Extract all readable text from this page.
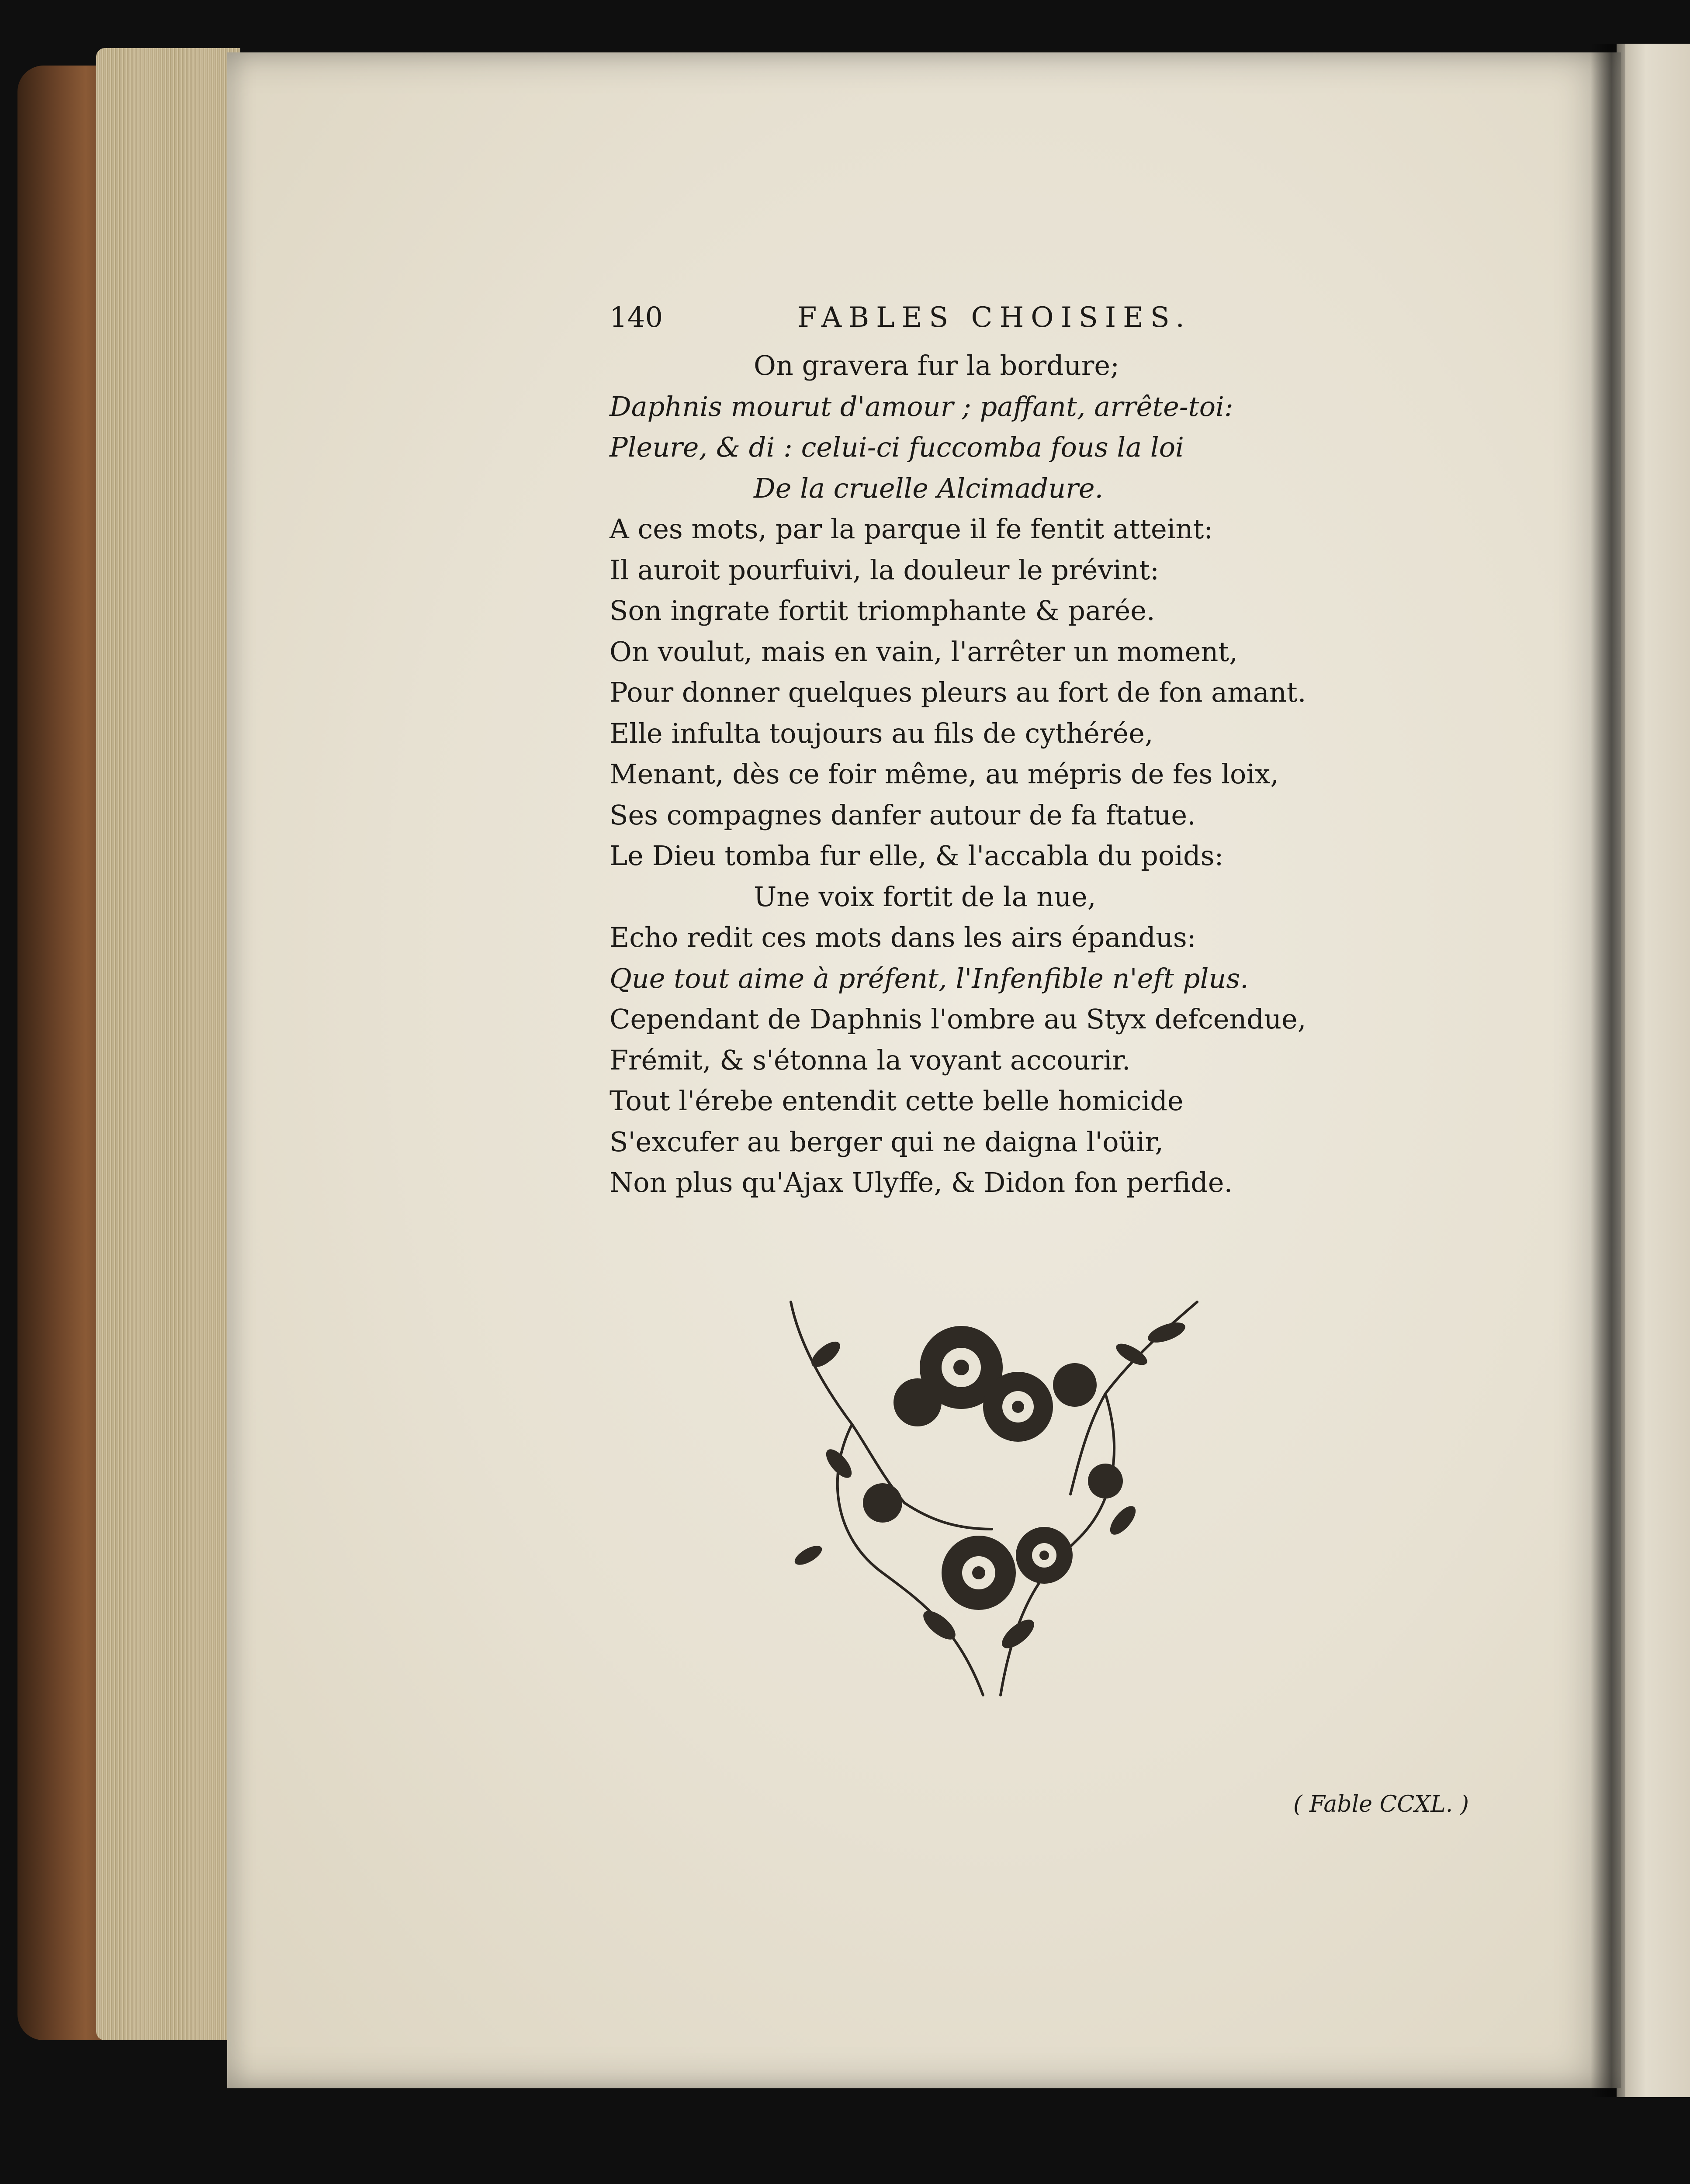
140	FABLES CHOISIES.
On gravera fur la bordure;
Daphnis mourut d'amour ; paffant, arrête-toi:
Pleure, & di : celui-ci fuccomba fous la loi
De la cruelle Alcimadure.
A ces mots, par la parque il fe fentit atteint:
Il auroit pourfuivi, la douleur le prévint:
Son ingrate fortit triomphante & parée.
On voulut, mais en vain, l'arrêter un moment,
Pour donner quelques pleurs au fort de fon amant.
Elle infulta toujours au fils de cythérée,
Menant, dès ce foir même, au mépris de fes loix,
Ses compagnes danfer autour de fa ftatue.
Le Dieu tomba fur elle, & l'accabla du poids:
Une voix fortit de la nue,
Echo redit ces mots dans les airs épandus:
Que tout aime à préfent, l'Infenfible n'eft plus.
Cependant de Daphnis l'ombre au Styx defcendue,
Frémit, & s'étonna la voyant accourir.
Tout l'érebe entendit cette belle homicide
S'excufer au berger qui ne daigna l'oüir,
Non plus qu'Ajax Ulyffe, & Didon fon perfide.
( Fable CCXL. )
